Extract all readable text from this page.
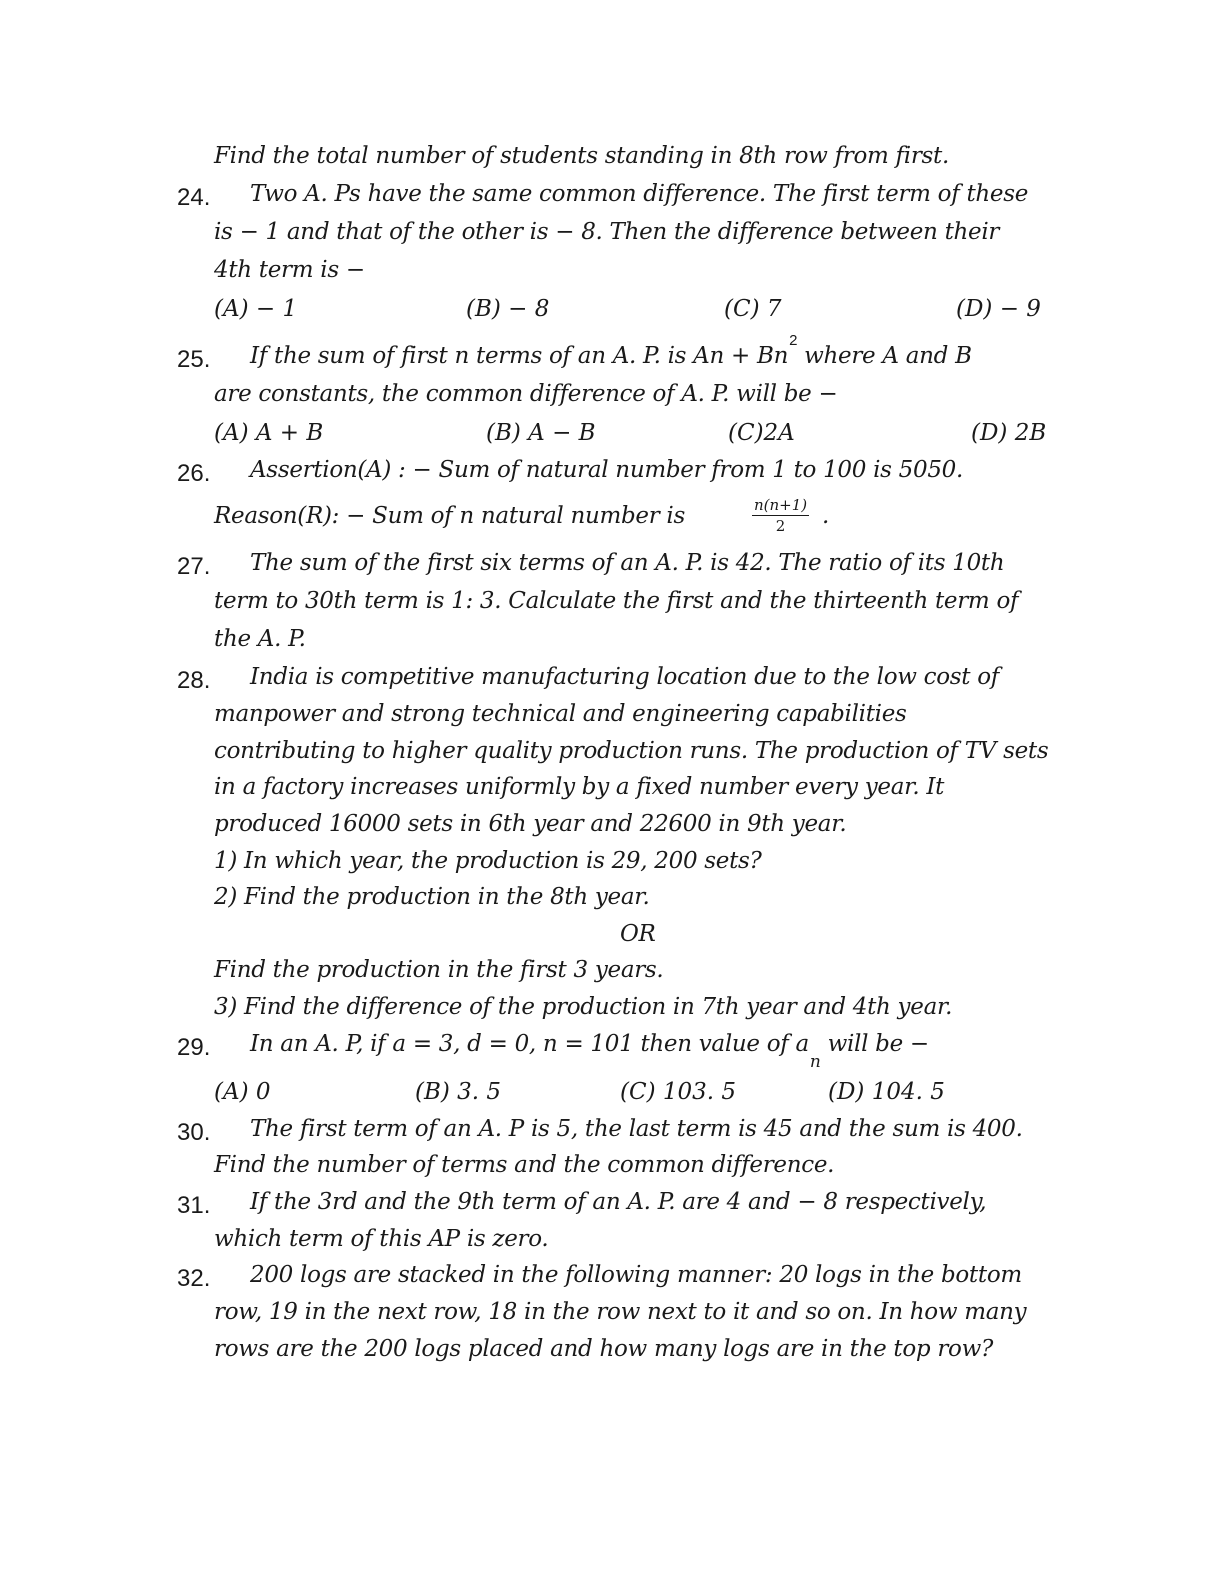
Find the total number of students standing in 8th row from first.
24. Two A. Ps have the same common difference. The first term of these
is − 1 and that of the other is − 8. Then the difference between their
4th term is −
(A) − 1	(B) − 8	(C) 7	(D) − 9
25. If the sum of first n terms of an A. P. is $An + Bn^2$ where A and B
are constants, the common difference of A. P. will be −
(A) A + B	(B) A − B	(C)2A	(D) 2B
26. Assertion(A) : − Sum of natural number from 1 to 100 is 5050.
Reason(R): − Sum of n natural number is	$\frac{n(n+1)}{2}$ .
27. The sum of the first six terms of an A. P. is 42. The ratio of its 10th
term to 30th term is 1: 3. Calculate the first and the thirteenth term of
the A. P.
28. India is competitive manufacturing location due to the low cost of
manpower and strong technical and engineering capabilities
contributing to higher quality production runs. The production of TV sets
in a factory increases uniformly by a fixed number every year. It
produced 16000 sets in 6th year and 22600 in 9th year.
1) In which year, the production is 29, 200 sets?
2) Find the production in the 8th year.
OR
Find the production in the first 3 years.
3) Find the difference of the production in 7th year and 4th year.
29. In an A. P, if a = 3, d = 0, n = 101 then value of $a_n$ will be −
(A) 0	(B) 3. 5	(C) 103. 5	(D) 104. 5
30. The first term of an A. P is 5, the last term is 45 and the sum is 400.
Find the number of terms and the common difference.
31. If the 3rd and the 9th term of an A. P. are 4 and − 8 respectively,
which term of this AP is zero.
32. 200 logs are stacked in the following manner: 20 logs in the bottom
row, 19 in the next row, 18 in the row next to it and so on. In how many
rows are the 200 logs placed and how many logs are in the top row?
